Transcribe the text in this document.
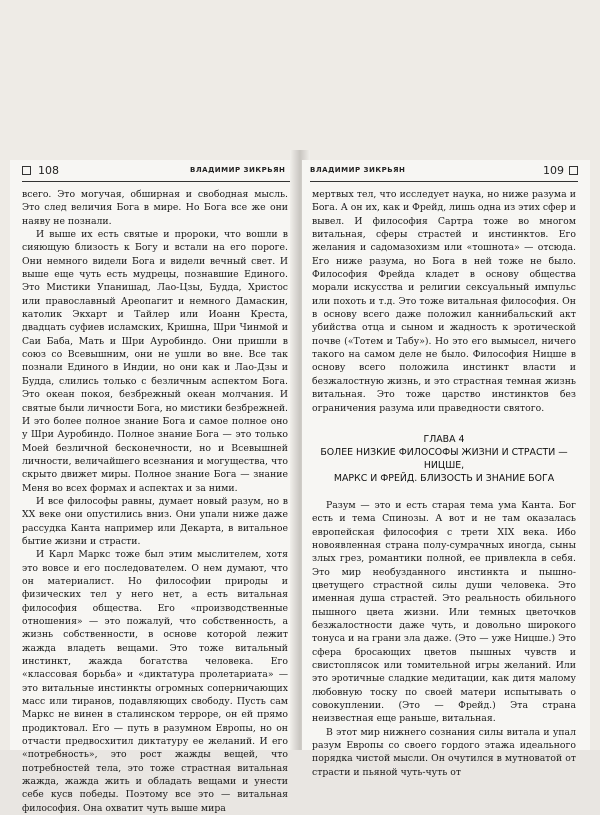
108	ВЛАДИМИР ЗИКРЬЯН

всего. Это могучая, обширная и свободная мысль. Это след величия Бога в мире. Но Бога все же они наяву не познали.

И выше их есть святые и пророки, что вошли в сияющую близость к Богу и встали на его пороге. Они немного видели Бога и видели вечный свет. И выше еще чуть есть мудрецы, познавшие Единого. Это Мистики Упанишад, Лао-Цзы, Будда, Христос или православный Ареопагит и немного Дамаскин, католик Экхарт и Тайлер или Иоанн Креста, двадцать суфиев исламских, Кришна, Шри Чинмой и Саи Баба, Мать и Шри Ауробиндо. Они пришли в союз со Всевышним, они не ушли во вне. Все так познали Единого в Индии, но они как и Лао-Дзы и Будда, слились только с безличным аспектом Бога. Это океан покоя, безбрежный океан молчания. И святые были личности Бога, но мистики безбрежней. И это более полное знание Бога и самое полное оно у Шри Ауробиндо. Полное знание Бога — это только Моей безличной бесконечности, но и Всевышней личности, величайшего всезнания и могущества, что скрыто движет миры. Полное знание Бога — знание Меня во всех формах и аспектах и за ними.

И все философы равны, думает новый разум, но в XX веке они опустились вниз. Они упали ниже даже рассудка Канта например или Декарта, в витальное бытие жизни и страсти.

И Карл Маркс тоже был этим мыслителем, хотя это вовсе и его последователем. О нем думают, что он материалист. Но философии природы и физических тел у него нет, а есть витальная философия общества. Его «производственные отношения» — это пожалуй, что собственность, а жизнь собственности, в основе которой лежит жажда владеть вещами. Это тоже витальный инстинкт, жажда богатства человека. Его «классовая борьба» и «диктатура пролетариата» — это витальные инстинкты огромных соперничающих масс или тиранов, подавляющих свободу. Пусть сам Маркс не винен в сталинском терроре, он ей прямо продиктовал. Его — путь в разумном Европы, но он отчасти предвосхитил диктатуру ее желаний. И его «потребность», это рост жажды вещей, что потребностей тела, это тоже страстная витальная жажда, жажда жить и обладать вещами и унести себе кусв победы. Поэтому все это — витальная философия. Она охватит чуть выше мира

ВЛАДИМИР ЗИКРЬЯН	109

мертвых тел, что исследует наука, но ниже разума и Бога. А он их, как и Фрейд, лишь одна из этих сфер и вывел. И философия Сартра тоже во многом витальная, сферы страстей и инстинктов. Его желания и садомазохизм или «тошнота» — отсюда. Его ниже разума, но Бога в ней тоже не было. Философия Фрейда кладет в основу общества морали искусства и религии сексуальный импульс или похоть и т.д. Это тоже витальная философия. Он в основу всего даже положил каннибальский акт убийства отца и сыном и жадность к эротической почве («Тотем и Табу»). Но это его вымысел, ничего такого на самом деле не было. Философия Ницше в основу всего положила инстинкт власти и безжалостную жизнь, и это страстная темная жизнь витальная. Это тоже царство инстинктов без ограничения разума или праведности святого.

ГЛАВА 4
БОЛЕЕ НИЗКИЕ ФИЛОСОФЫ ЖИЗНИ И СТРАСТИ — НИЦШЕ,
МАРКС И ФРЕЙД. БЛИЗОСТЬ И ЗНАНИЕ БОГА

Разум — это и есть старая тема ума Канта. Бог есть и тема Спинозы. А вот и не там оказалась европейская философия с трети XIX века. Ибо новоявленная страна полу-сумрачных иногда, сыны злых грез, романтики полной, ее привлекла в себя. Это мир необузданного инстинкта и пышно-цветущего страстной силы души человека. Это именная душа страстей. Это реальность обильного пышного цвета жизни. Или темных цветочков безжалостности даже чуть, и довольно широкого тонуса и на грани зла даже. (Это — уже Ницше.) Это сфера бросающих цветов пышных чувств и свистоплясок или томительной игры желаний. Или это эротичные сладкие медитации, как дитя малому любовную тоску по своей матери испытывать о совокуплении. (Это — Фрейд.) Эта страна неизвестная еще раньше, витальная.

В этот мир нижнего сознания силы витала и упал разум Европы со своего гордого этажа идеального порядка чистой мысли. Он очутился в мутноватой от страсти и пьяной чуть-чуть от
